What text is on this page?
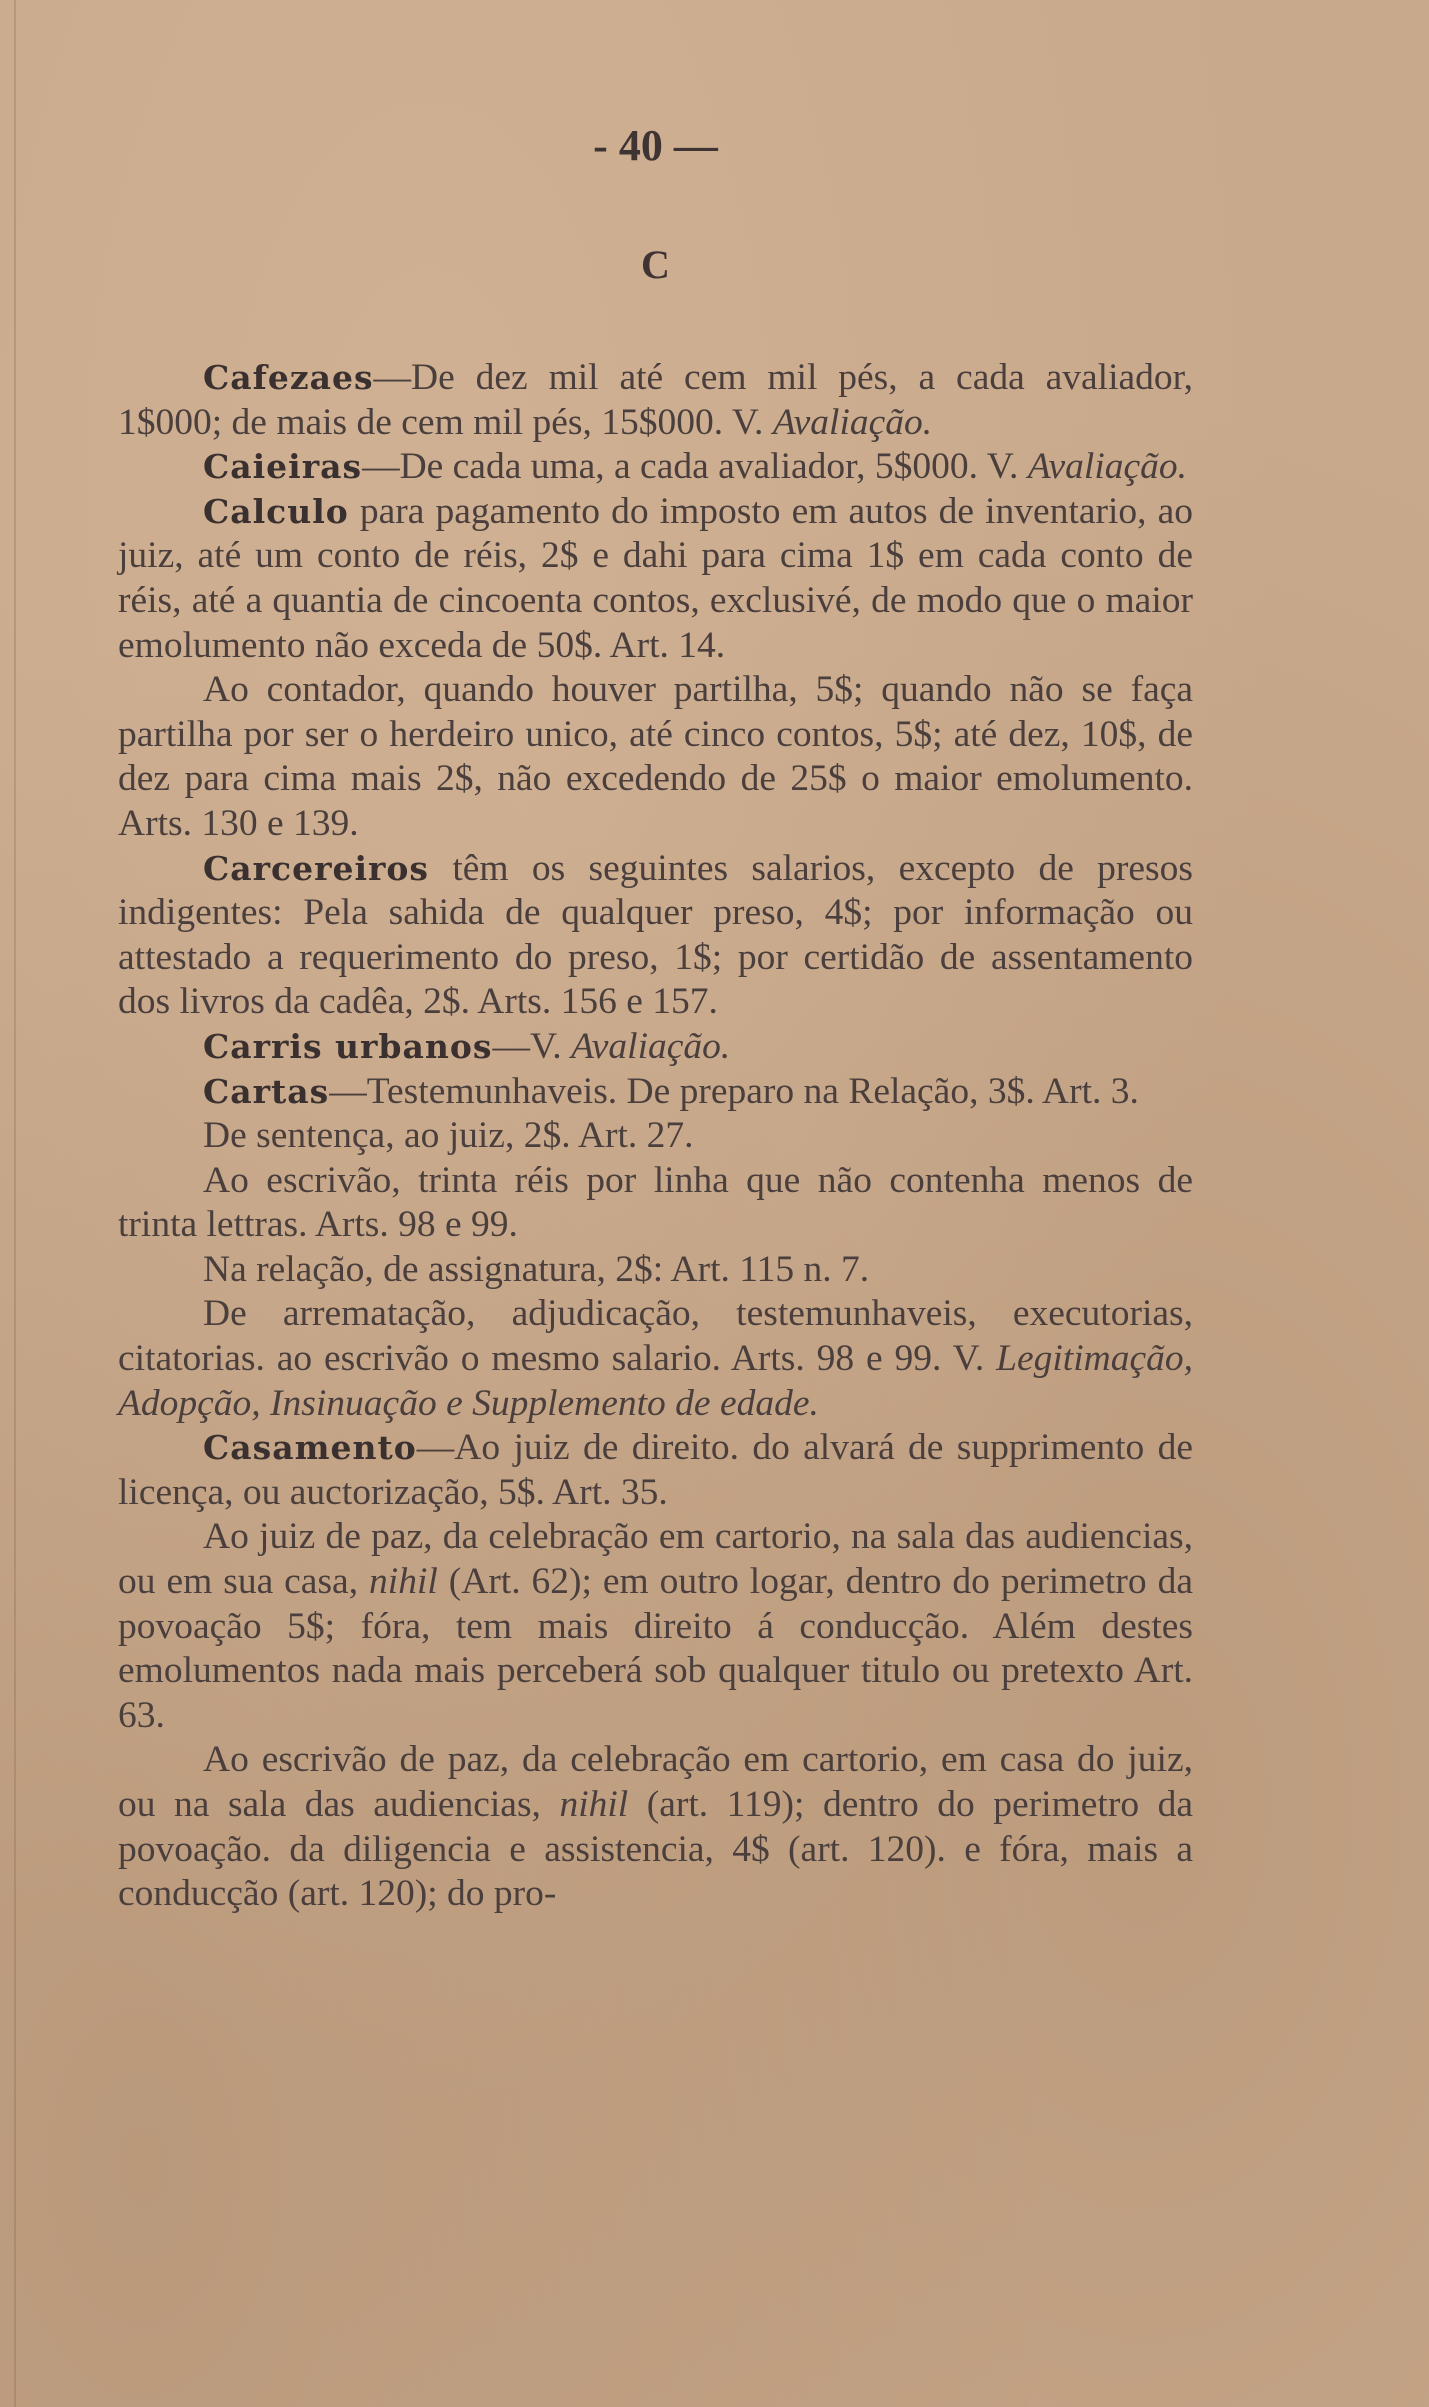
- 40 —
C

Cafezaes—De dez mil até cem mil pés, a cada avaliador, 1$000; de mais de cem mil pés, 15$000. V. Avaliação.

Caieiras—De cada uma, a cada avaliador, 5$000. V. Avaliação.

Calculo para pagamento do imposto em autos de inventario, ao juiz, até um conto de réis, 2$ e dahi para cima 1$ em cada conto de réis, até a quantia de cincoenta contos, exclusivé, de modo que o maior emolumento não exceda de 50$. Art. 14.

Ao contador, quando houver partilha, 5$; quando não se faça partilha por ser o herdeiro unico, até cinco contos, 5$; até dez, 10$, de dez para cima mais 2$, não excedendo de 25$ o maior emolumento. Arts. 130 e 139.

Carcereiros têm os seguintes salarios, excepto de presos indigentes: Pela sahida de qualquer preso, 4$; por informação ou attestado a requerimento do preso, 1$; por certidão de assentamento dos livros da cadêa, 2$. Arts. 156 e 157.

Carris urbanos—V. Avaliação.

Cartas—Testemunhaveis. De preparo na Relação, 3$. Art. 3.

De sentença, ao juiz, 2$. Art. 27.

Ao escrivão, trinta réis por linha que não contenha menos de trinta lettras. Arts. 98 e 99.

Na relação, de assignatura, 2$: Art. 115 n. 7.

De arrematação, adjudicação, testemunhaveis, executorias, citatorias. ao escrivão o mesmo salario. Arts. 98 e 99. V. Legitimação, Adopção, Insinuação e Supplemento de edade.

Casamento—Ao juiz de direito. do alvará de supprimento de licença, ou auctorização, 5$. Art. 35.

Ao juiz de paz, da celebração em cartorio, na sala das audiencias, ou em sua casa, nihil (Art. 62); em outro logar, dentro do perimetro da povoação 5$; fóra, tem mais direito á conducção. Além destes emolumentos nada mais perceberá sob qualquer titulo ou pretexto Art. 63.

Ao escrivão de paz, da celebração em cartorio, em casa do juiz, ou na sala das audiencias, nihil (art. 119); dentro do perimetro da povoação. da diligencia e assistencia, 4$ (art. 120). e fóra, mais a conducção (art. 120); do pro-
